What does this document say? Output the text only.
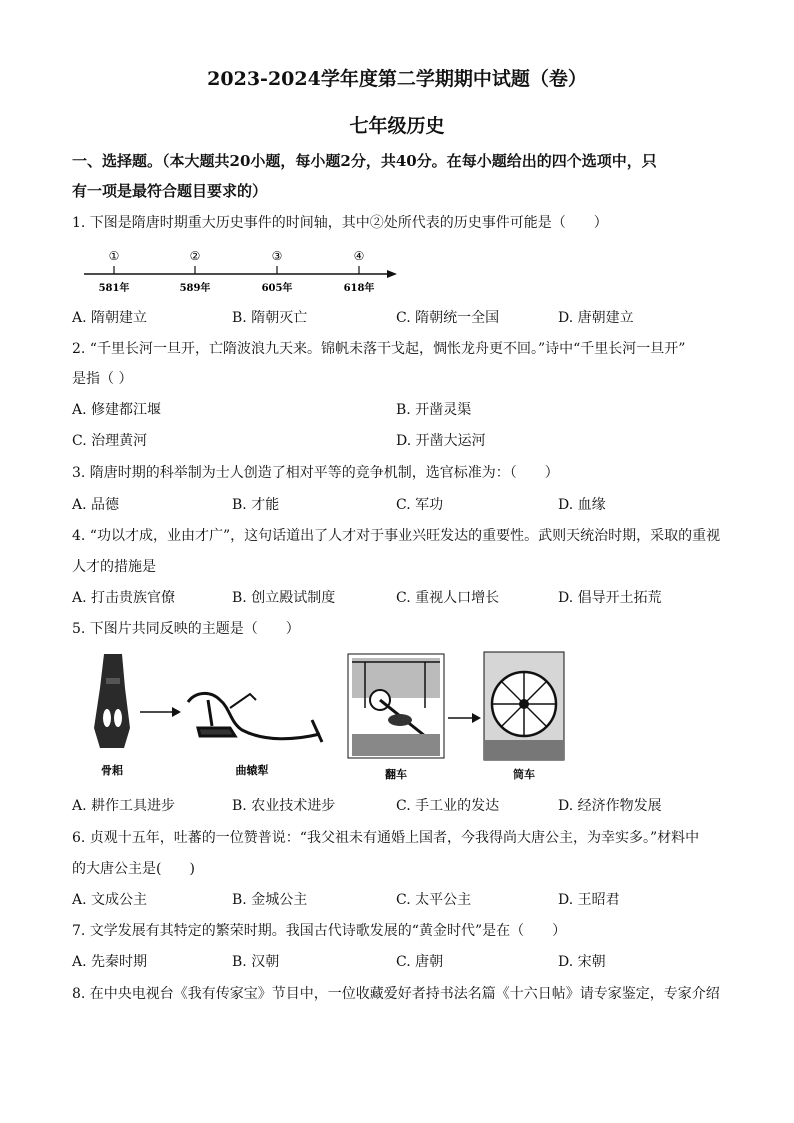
2023-2024学年度第二学期期中试题（卷）
七年级历史
一、选择题。（本大题共20小题，每小题2分，共40分。在每小题给出的四个选项中，只
有一项是最符合题目要求的）
1. 下图是隋唐时期重大历史事件的时间轴，其中②处所代表的历史事件可能是（　　）
①	②	③	④
581年	589年	605年	618年
A. 隋朝建立	B. 隋朝灭亡	C. 隋朝统一全国	D. 唐朝建立
2. “千里长河一旦开，亡隋波浪九天来。锦帆未落干戈起，惆怅龙舟更不回。”诗中“千里长河一旦开”
是指（ ）
A. 修建都江堰	B. 开凿灵渠
C. 治理黄河	D. 开凿大运河
3. 隋唐时期的科举制为士人创造了相对平等的竞争机制，选官标准为：（　　）
A. 品德	B. 才能	C. 军功	D. 血缘
4. “功以才成，业由才广”，这句话道出了人才对于事业兴旺发达的重要性。武则天统治时期，采取的重视
人才的措施是
A. 打击贵族官僚	B. 创立殿试制度	C. 重视人口增长	D. 倡导开土拓荒
5. 下图片共同反映的主题是（　　）
骨耜	曲辕犁	翻车	筒车
A. 耕作工具进步	B. 农业技术进步	C. 手工业的发达	D. 经济作物发展
6. 贞观十五年，吐蕃的一位赞普说：“我父祖未有通婚上国者，今我得尚大唐公主，为幸实多。”材料中
的大唐公主是(　　)
A. 文成公主	B. 金城公主	C. 太平公主	D. 王昭君
7. 文学发展有其特定的繁荣时期。我国古代诗歌发展的“黄金时代”是在（　　）
A. 先秦时期	B. 汉朝	C. 唐朝	D. 宋朝
8. 在中央电视台《我有传家宝》节目中，一位收藏爱好者持书法名篇《十六日帖》请专家鉴定，专家介绍
